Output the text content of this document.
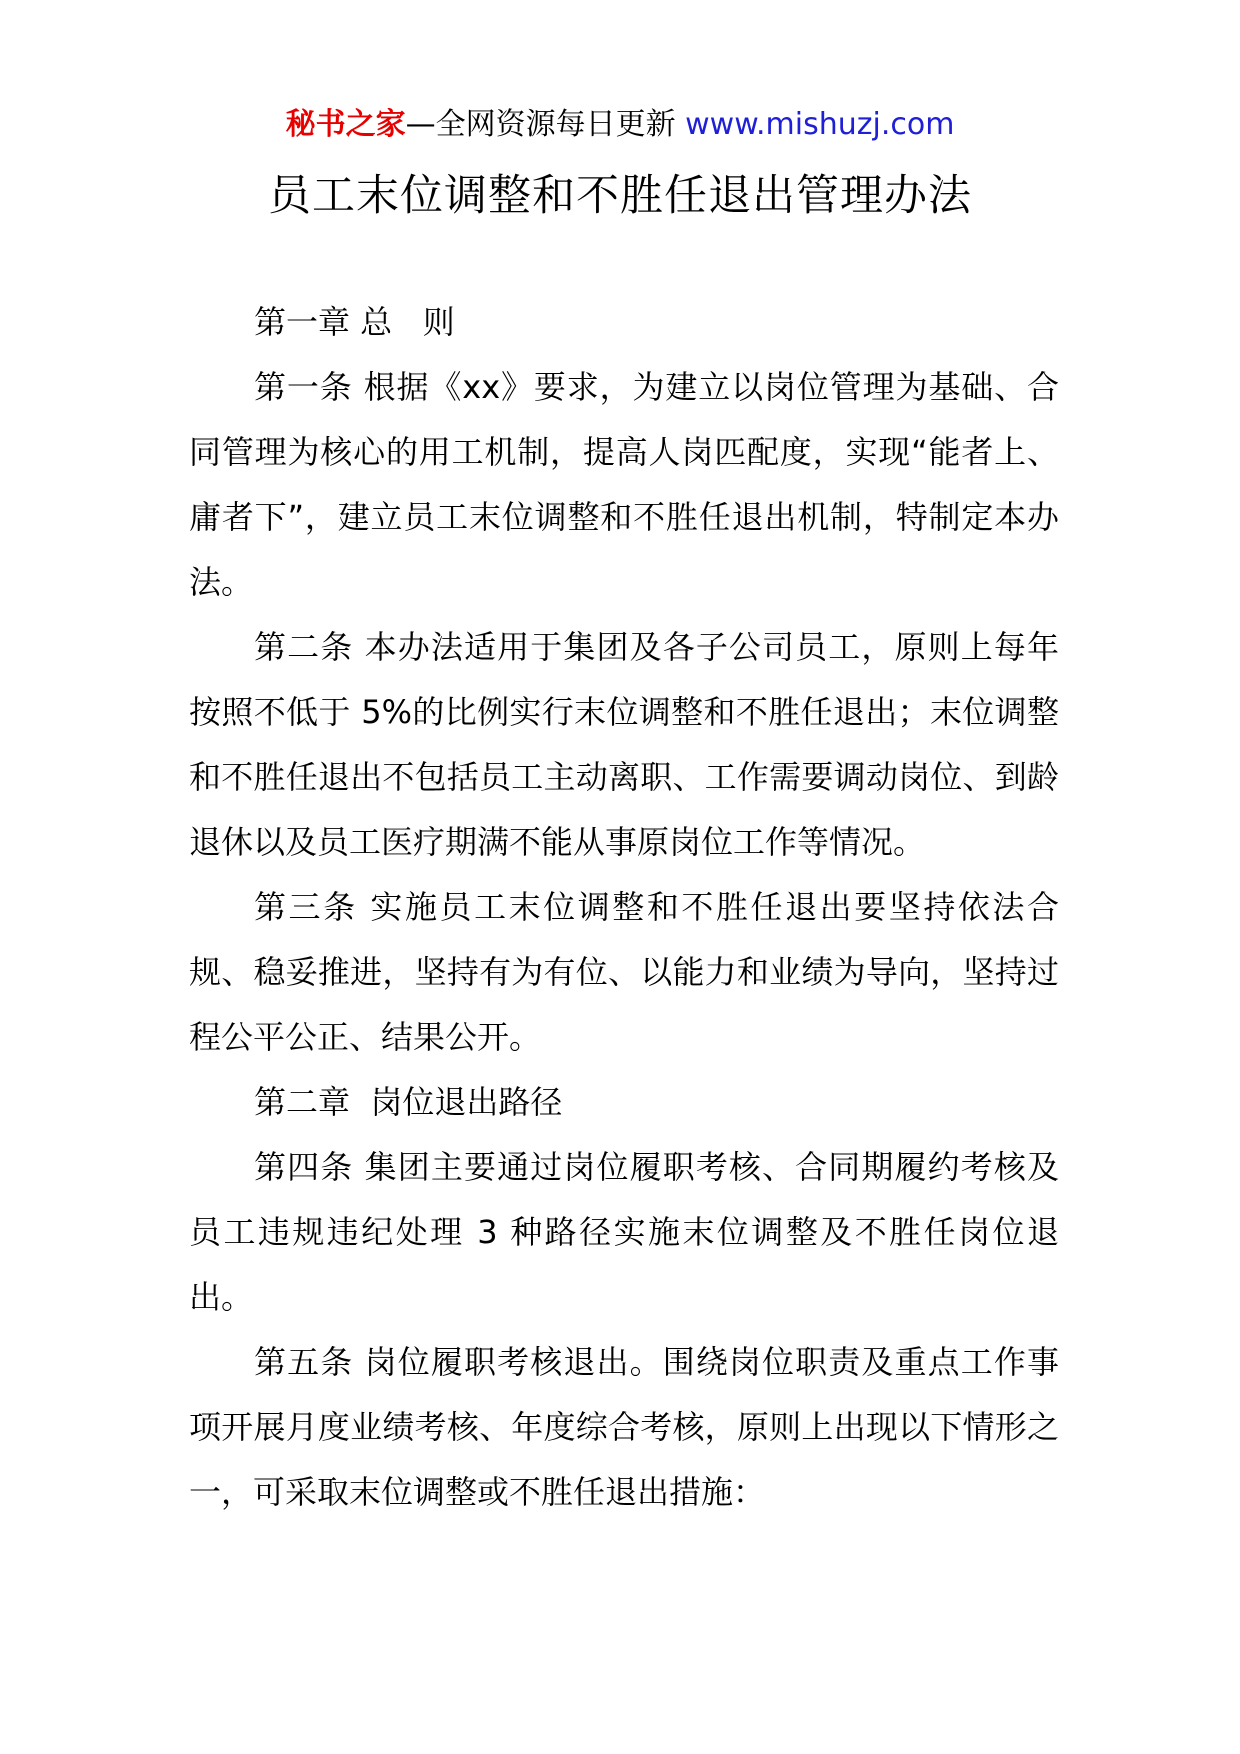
秘书之家—全网资源每日更新 www.mishuzj.com
员工末位调整和不胜任退出管理办法

第一章 总   则

第一条 根据《xx》要求，为建立以岗位管理为基础、合同管理为核心的用工机制，提高人岗匹配度，实现“能者上、庸者下”，建立员工末位调整和不胜任退出机制，特制定本办法。

第二条 本办法适用于集团及各子公司员工，原则上每年按照不低于 5%的比例实行末位调整和不胜任退出；末位调整和不胜任退出不包括员工主动离职、工作需要调动岗位、到龄退休以及员工医疗期满不能从事原岗位工作等情况。

第三条 实施员工末位调整和不胜任退出要坚持依法合规、稳妥推进，坚持有为有位、以能力和业绩为导向，坚持过程公平公正、结果公开。

第二章  岗位退出路径

第四条 集团主要通过岗位履职考核、合同期履约考核及员工违规违纪处理 3 种路径实施末位调整及不胜任岗位退出。

第五条 岗位履职考核退出。围绕岗位职责及重点工作事项开展月度业绩考核、年度综合考核，原则上出现以下情形之一，可采取末位调整或不胜任退出措施：
